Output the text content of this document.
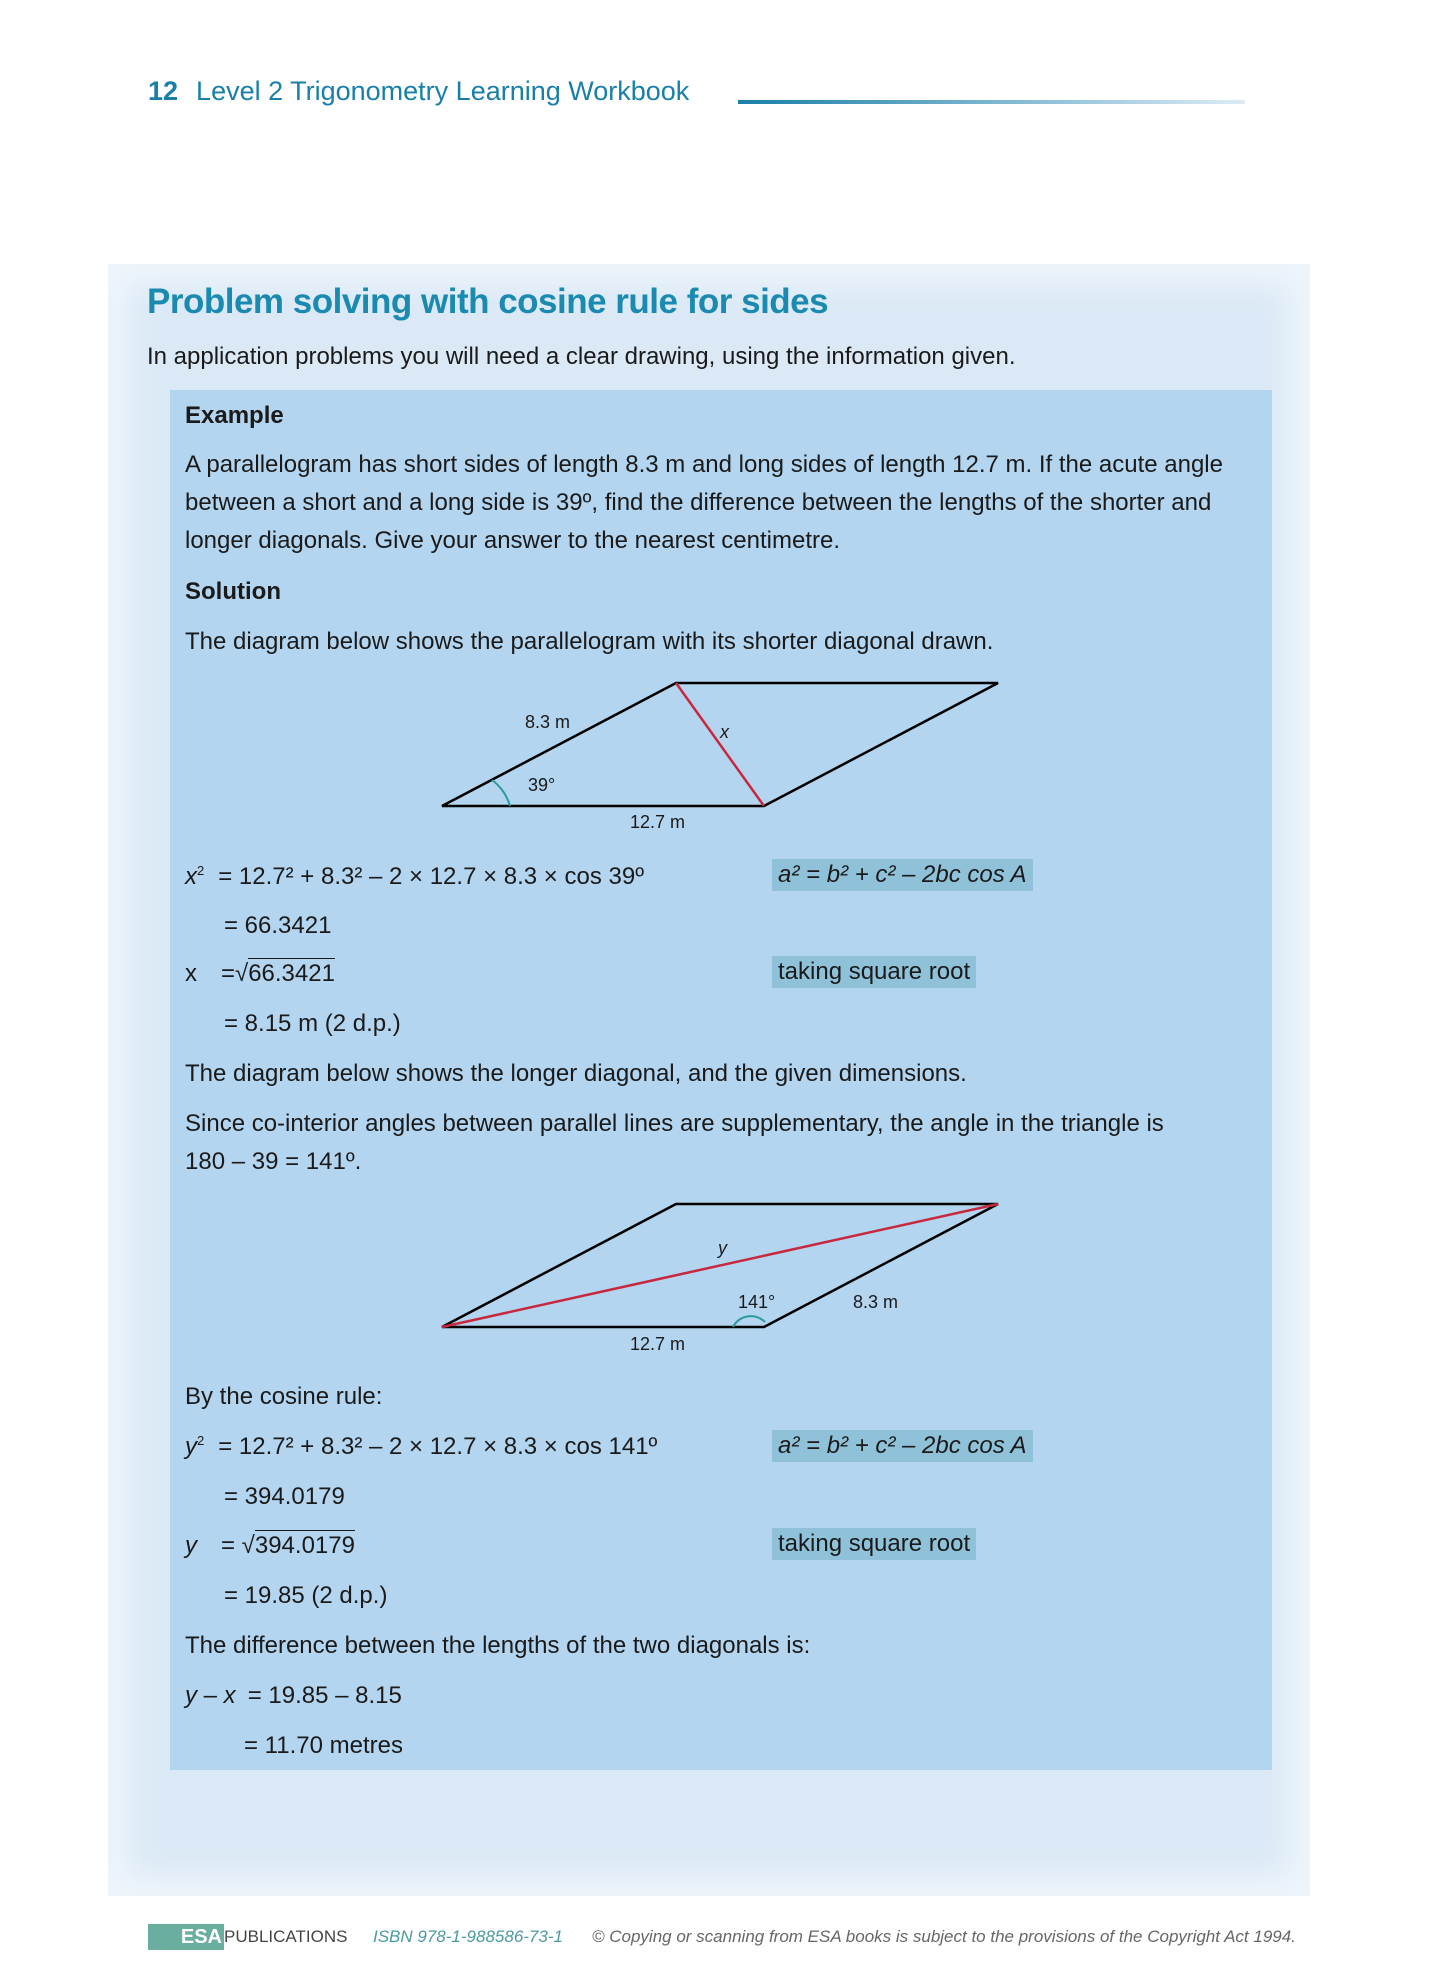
12 Level 2 Trigonometry Learning Workbook
Problem solving with cosine rule for sides
In application problems you will need a clear drawing, using the information given.
Example
A parallelogram has short sides of length 8.3 m and long sides of length 12.7 m. If the acute angle
between a short and a long side is 39º, find the difference between the lengths of the shorter and
longer diagonals. Give your answer to the nearest centimetre.
Solution
The diagram below shows the parallelogram with its shorter diagonal drawn.
8.3 m	x
39°
12.7 m
$x^2 = 12.7^2 + 8.3^2 - 2 \times 12.7 \times 8.3 \times \cos$ 39º	a² = b² + c² – 2bc cos A
= 66.3421
x =√66.3421	taking square root
= 8.15 m (2 d.p.)
The diagram below shows the longer diagonal, and the given dimensions.
Since co-interior angles between parallel lines are supplementary, the angle in the triangle is
180 – 39 = 141º.
y
141°	8.3 m
12.7 m
By the cosine rule:
$y^2 = 12.7^2 + 8.3^2 - 2 \times 12.7 \times 8.3 \times \cos$ 141º	a² = b² + c² – 2bc cos A
= 394.0179
y = √394.0179	taking square root
= 19.85 (2 d.p.)
The difference between the lengths of the two diagonals is:
y – x = 19.85 – 8.15
= 11.70 metres
ESA PUBLICATIONS ISBN 978-1-988586-73-1 © Copying or scanning from ESA books is subject to the provisions of the Copyright Act 1994.
